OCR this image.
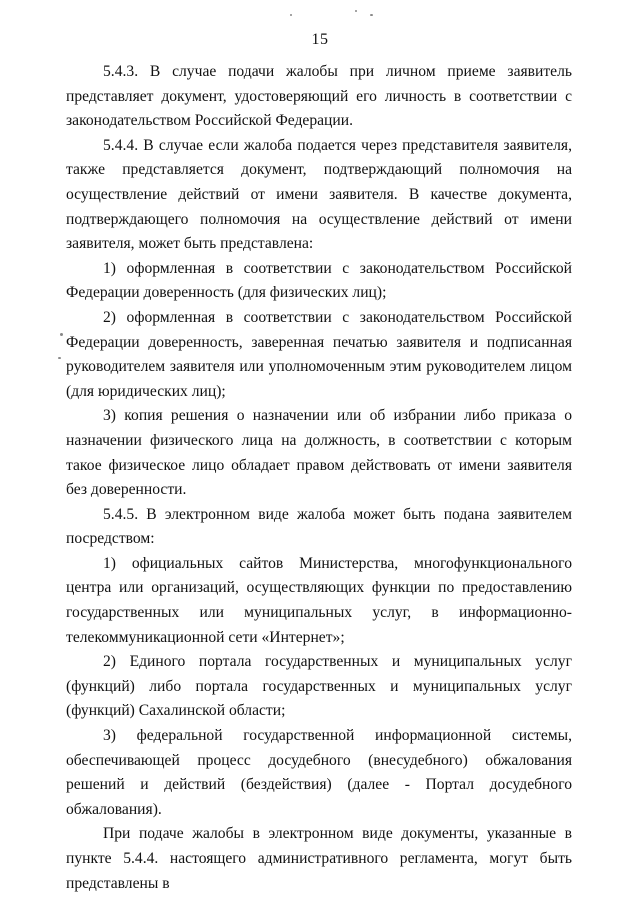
15

5.4.3. В случае подачи жалобы при личном приеме заявитель представляет документ, удостоверяющий его личность в соответствии с законодательством Российской Федерации.

5.4.4. В случае если жалоба подается через представителя заявителя, также представляется документ, подтверждающий полномочия на осуществление действий от имени заявителя. В качестве документа, подтверждающего полномочия на осуществление действий от имени заявителя, может быть представлена:

1) оформленная в соответствии с законодательством Российской Федерации доверенность (для физических лиц);

2) оформленная в соответствии с законодательством Российской Федерации доверенность, заверенная печатью заявителя и подписанная руководителем заявителя или уполномоченным этим руководителем лицом (для юридических лиц);

3) копия решения о назначении или об избрании либо приказа о назначении физического лица на должность, в соответствии с которым такое физическое лицо обладает правом действовать от имени заявителя без доверенности.

5.4.5. В электронном виде жалоба может быть подана заявителем посредством:

1) официальных сайтов Министерства, многофункционального центра или организаций, осуществляющих функции по предоставлению государственных или муниципальных услуг, в информационно-телекоммуникационной сети «Интернет»;

2) Единого портала государственных и муниципальных услуг (функций) либо портала государственных и муниципальных услуг (функций) Сахалинской области;

3) федеральной государственной информационной системы, обеспечивающей процесс досудебного (внесудебного) обжалования решений и действий (бездействия) (далее - Портал досудебного обжалования).

При подаче жалобы в электронном виде документы, указанные в пункте 5.4.4. настоящего административного регламента, могут быть представлены в
